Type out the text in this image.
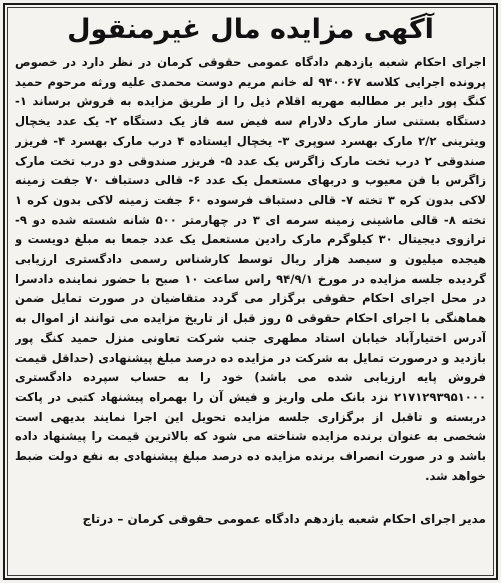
آگهی مزایده مال غیرمنقول

اجرای احکام شعبه یازدهم دادگاه عمومی حقوقی کرمان در نظر دارد در خصوص پرونده اجرایی کلاسه ۹۴۰۰۶۷ له خانم مریم دوست محمدی علیه ورثه مرحوم حمید کنگ پور دایر بر مطالبه مهریه اقلام ذیل را از طریق مزایده به فروش برساند ۱- دستگاه بستنی ساز مارک دلارام سه فیض سه فاز یک دستگاه ۲- یک عدد یخچال ویترینی ۲/۲ مارک بهسرد سوپری ۳- یخچال ایستاده ۴ درب مارک بهسرد ۴- فریزر صندوقی ۲ درب تخت مارک زاگرس یک عدد ۵- فریزر صندوقی دو درب تخت مارک زاگرس با فن معیوب و دربهای مستعمل یک عدد ۶- قالی دستباف ۷۰ جفت زمینه لاکی بدون کره ۳ تخته ۷- قالی دستباف فرسوده ۶۰ جفت زمینه لاکی بدون کره ۱ تخته ۸- قالی ماشینی زمینه سرمه ای ۳ در چهارمتر ۵۰۰ شانه شسته شده دو ۹- ترازوی دیجیتال ۳۰ کیلوگرم مارک رادین مستعمل یک عدد جمعا به مبلغ دویست و هیجده میلیون و سیصد هزار ریال توسط کارشناس رسمی دادگستری ارزیابی گردیده جلسه مزایده در مورخ ۹۴/۹/۱ راس ساعت ۱۰ صبح با حضور نماینده دادسرا در محل اجرای احکام حقوقی برگزار می گردد متقاضیان در صورت تمایل ضمن هماهنگی با اجرای احکام حقوقی ۵ روز قبل از تاریخ مزایده می توانند از اموال به آدرس اختیارآباد خیابان استاد مطهری جنب شرکت تعاونی منزل حمید کنگ پور بازدید و درصورت تمایل به شرکت در مزایده ده درصد مبلغ پیشنهادی (حداقل قیمت فروش پایه ارزیابی شده می باشد) خود را به حساب سپرده دادگستری ۲۱۷۱۲۹۳۹۵۱۰۰۰ نزد بانک ملی واریز و فیش آن را بهمراه پیشنهاد کتبی در پاکت دربسته و تاقبل از برگزاری جلسه مزایده تحویل این اجرا نمایند بدیهی است شخصی به عنوان برنده مزایده شناخته می شود که بالاترین قیمت را پیشنهاد داده باشد و در صورت انصراف برنده مزایده ده درصد مبلغ پیشنهادی به نفع دولت ضبط خواهد شد.

مدیر اجرای احکام شعبه یازدهم دادگاه عمومی حقوقی کرمان – درتاج
